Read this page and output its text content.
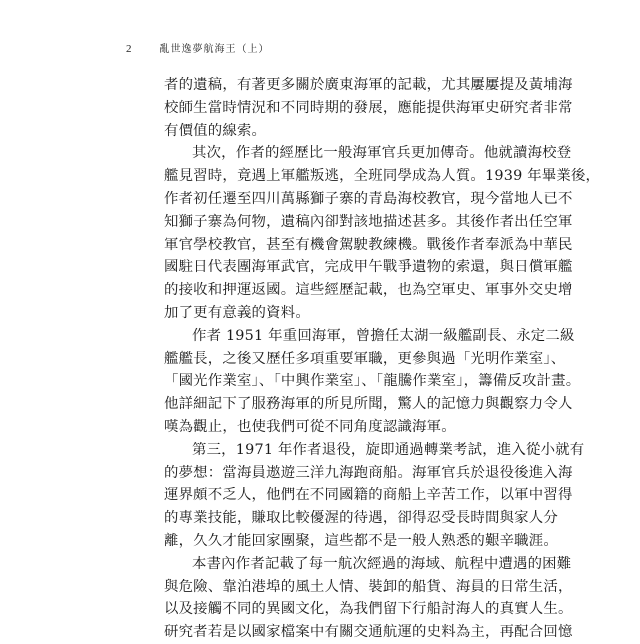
2	亂世逸夢航海王（上）
者的遺稿，有著更多關於廣東海軍的記載，尤其屢屢提及黃埔海
校師生當時情況和不同時期的發展，應能提供海軍史研究者非常
有價值的線索。
其次，作者的經歷比一般海軍官兵更加傳奇。他就讀海校登
艦見習時，竟遇上軍艦叛逃，全班同學成為人質。1939 年畢業後，
作者初任遷至四川萬縣獅子寨的青島海校教官，現今當地人已不
知獅子寨為何物，遺稿內卻對該地描述甚多。其後作者出任空軍
軍官學校教官，甚至有機會駕駛教練機。戰後作者奉派為中華民
國駐日代表團海軍武官，完成甲午戰爭遺物的索還，與日償軍艦
的接收和押運返國。這些經歷記載，也為空軍史、軍事外交史增
加了更有意義的資料。
作者 1951 年重回海軍，曾擔任太湖一級艦副長、永定二級
艦艦長，之後又歷任多項重要軍職，更參與過「光明作業室」、
「國光作業室」、「中興作業室」、「龍騰作業室」，籌備反攻計畫。
他詳細記下了服務海軍的所見所聞，驚人的記憶力與觀察力令人
嘆為觀止，也使我們可從不同角度認識海軍。
第三，1971 年作者退役，旋即通過轉業考試，進入從小就有
的夢想：當海員遨遊三洋九海跑商船。海軍官兵於退役後進入海
運界頗不乏人，他們在不同國籍的商船上辛苦工作，以軍中習得
的專業技能，賺取比較優渥的待遇，卻得忍受長時間與家人分
離，久久才能回家團聚，這些都不是一般人熟悉的艱辛職涯。
本書內作者記載了每一航次經過的海域、航程中遭遇的困難
與危險、靠泊港埠的風土人情、裝卸的船貨、海員的日常生活，
以及接觸不同的異國文化，為我們留下行船討海人的真實人生。
研究者若是以國家檔案中有關交通航運的史料為主，再配合回憶
